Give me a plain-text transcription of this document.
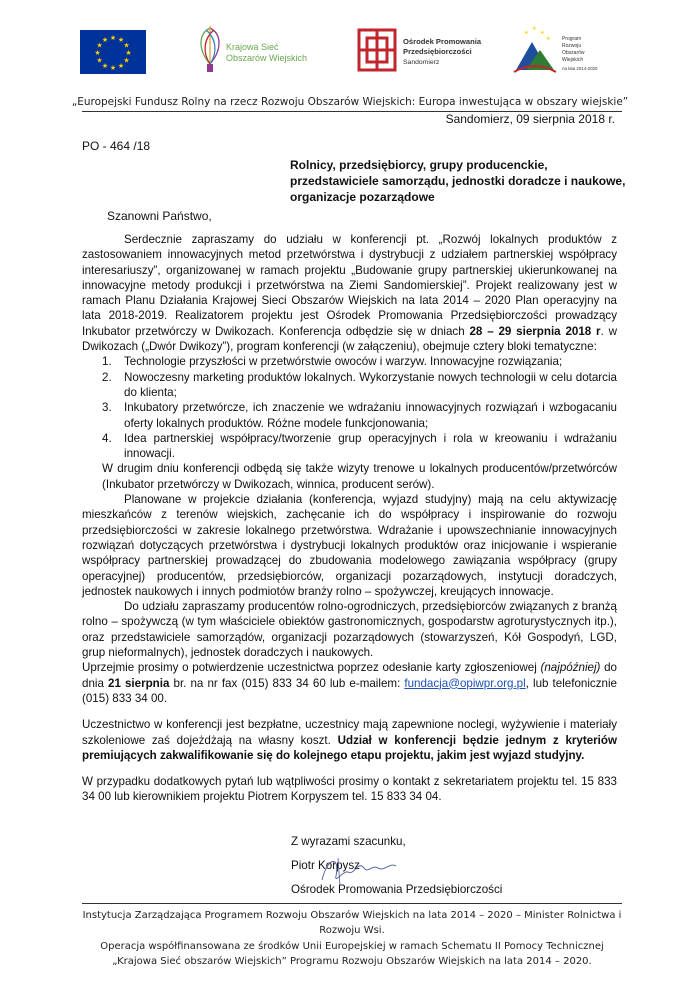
★ ★
★
★
★
★
★
★
★
★
★
★
Krajowa Sieć
Obszarów Wiejskich
Ośrodek Promowania
Przedsiębiorczości
Sandomierz
★
★
★
★ Program
Rozwoju
Obszarów
Wiejskich
na lata 2014-2020
„Europejski Fundusz Rolny na rzecz Rozwoju Obszarów Wiejskich: Europa inwestująca w obszary wiejskie”
Sandomierz, 09 sierpnia 2018 r.
PO - 464 /18
Rolnicy, przedsiębiorcy, grupy producenckie, przedstawiciele samorządu, jednostki doradcze i naukowe, organizacje pozarządowe
Szanowni Państwo,

Serdecznie zapraszamy do udziału w konferencji pt. „Rozwój lokalnych produktów z zastosowaniem innowacyjnych metod przetwórstwa i dystrybucji z udziałem partnerskiej współpracy interesariuszy”, organizowanej w ramach projektu „Budowanie grupy partnerskiej ukierunkowanej na innowacyjne metody produkcji i przetwórstwa na Ziemi Sandomierskiej”. Projekt realizowany jest w ramach Planu Działania Krajowej Sieci Obszarów Wiejskich na lata 2014 – 2020 Plan operacyjny na lata 2018-2019. Realizatorem projektu jest Ośrodek Promowania Przedsiębiorczości prowadzący Inkubator przetwórczy w Dwikozach. Konferencja odbędzie się w dniach 28 – 29 sierpnia 2018 r. w Dwikozach („Dwór Dwikozy”), program konferencji (w załączeniu), obejmuje cztery bloki tematyczne:

1. Technologie przyszłości w przetwórstwie owoców i warzyw. Innowacyjne rozwiązania;
2. Nowoczesny marketing produktów lokalnych. Wykorzystanie nowych technologii w celu dotarcia do klienta;
3. Inkubatory przetwórcze, ich znaczenie we wdrażaniu innowacyjnych rozwiązań i wzbogacaniu oferty lokalnych produktów. Różne modele funkcjonowania;
4. Idea partnerskiej współpracy/tworzenie grup operacyjnych i rola w kreowaniu i wdrażaniu innowacji.

W drugim dniu konferencji odbędą się także wizyty trenowe u lokalnych producentów/przetwórców (Inkubator przetwórczy w Dwikozach, winnica, producent serów).

Planowane w projekcie działania (konferencja, wyjazd studyjny) mają na celu aktywizację mieszkańców z terenów wiejskich, zachęcanie ich do współpracy i inspirowanie do rozwoju przedsiębiorczości w zakresie lokalnego przetwórstwa. Wdrażanie i upowszechnianie innowacyjnych rozwiązań dotyczących przetwórstwa i dystrybucji lokalnych produktów oraz inicjowanie i wspieranie współpracy partnerskiej prowadzącej do zbudowania modelowego zawiązania współpracy (grupy operacyjnej) producentów, przedsiębiorców, organizacji pozarządowych, instytucji doradczych, jednostek naukowych i innych podmiotów branży rolno – spożywczej, kreujących innowacje.

Do udziału zapraszamy producentów rolno-ogrodniczych, przedsiębiorców związanych z branżą rolno – spożywczą (w tym właściciele obiektów gastronomicznych, gospodarstw agroturystycznych itp.), oraz przedstawiciele samorządów, organizacji pozarządowych (stowarzyszeń, Kół Gospodyń, LGD, grup nieformalnych), jednostek doradczych i naukowych.

Uprzejmie prosimy o potwierdzenie uczestnictwa poprzez odesłanie karty zgłoszeniowej (najpóźniej) do dnia 21 sierpnia br. na nr fax (015) 833 34 60 lub e-mailem: fundacja@opiwpr.org.pl, lub telefonicznie (015) 833 34 00.

Uczestnictwo w konferencji jest bezpłatne, uczestnicy mają zapewnione noclegi, wyżywienie i materiały szkoleniowe zaś dojeżdżają na własny koszt. Udział w konferencji będzie jednym z kryteriów premiujących zakwalifikowanie się do kolejnego etapu projektu, jakim jest wyjazd studyjny.

W przypadku dodatkowych pytań lub wątpliwości prosimy o kontakt z sekretariatem projektu tel. 15 833 34 00 lub kierownikiem projektu Piotrem Korpyszem tel. 15 833 34 04.

Z wyrazami szacunku,
Piotr Korpysz
Ośrodek Promowania Przedsiębiorczości

Instytucja Zarządzająca Programem Rozwoju Obszarów Wiejskich na lata 2014 – 2020 – Minister Rolnictwa i Rozwoju Wsi.

Operacja współfinansowana ze środków Unii Europejskiej w ramach Schematu II Pomocy Technicznej „Krajowa Sieć obszarów Wiejskich” Programu Rozwoju Obszarów Wiejskich na lata 2014 – 2020.
